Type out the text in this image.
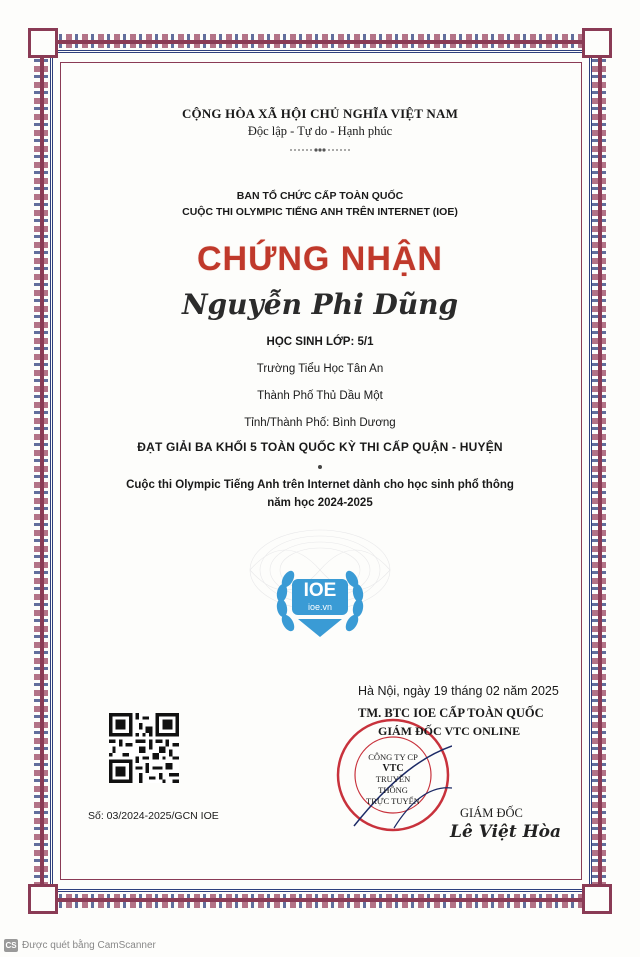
CỘNG HÒA XÃ HỘI CHỦ NGHĨA VIỆT NAM
Độc lập - Tự do - Hạnh phúc
BAN TỔ CHỨC CẤP TOÀN QUỐC
CUỘC THI OLYMPIC TIẾNG ANH TRÊN INTERNET (IOE)
CHỨNG NHẬN
Nguyễn Phi Dũng
HỌC SINH LỚP: 5/1
Trường Tiểu Học Tân An
Thành Phố Thủ Dầu Một
Tỉnh/Thành Phố: Bình Dương
ĐẠT GIẢI BA KHỐI 5 TOÀN QUỐC KỲ THI CẤP QUẬN - HUYỆN
Cuộc thi Olympic Tiếng Anh trên Internet dành cho học sinh phổ thông
năm học 2024-2025
IOE
ioe.vn
Hà Nội, ngày 19 tháng 02 năm 2025
TM. BTC IOE CẤP TOÀN QUỐC
GIÁM ĐỐC VTC ONLINE
CÔNG TY CP
VTC
TRUYỀN THÔNG
TRỰC TUYẾN
GIÁM ĐỐC
Lê Việt Hòa
Số: 03/2024-2025/GCN IOE
CS Được quét bằng CamScanner
